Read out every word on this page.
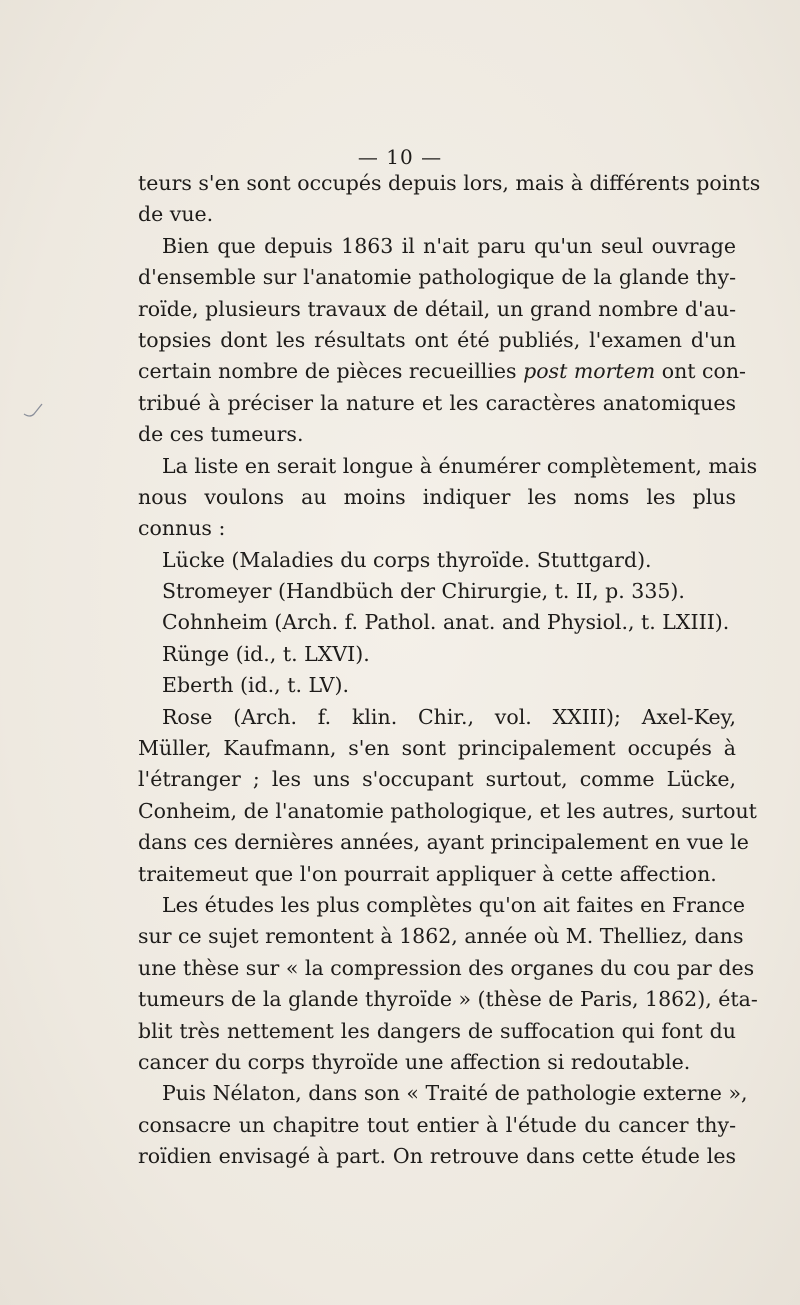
— 10 —
teurs s'en sont occupés depuis lors, mais à différents points
de vue.
Bien que depuis 1863 il n'ait paru qu'un seul ouvrage
d'ensemble sur l'anatomie pathologique de la glande thy-
roïde, plusieurs travaux de détail, un grand nombre d'au-
topsies dont les résultats ont été publiés, l'examen d'un
certain nombre de pièces recueillies post mortem ont con-
tribué à préciser la nature et les caractères anatomiques
de ces tumeurs.
La liste en serait longue à énumérer complètement, mais
nous voulons au moins indiquer les noms les plus
connus :
Lücke (Maladies du corps thyroïde. Stuttgard).
Stromeyer (Handbüch der Chirurgie, t. II, p. 335).
Cohnheim (Arch. f. Pathol. anat. and Physiol., t. LXIII).
Rünge (id., t. LXVI).
Eberth (id., t. LV).
Rose (Arch. f. klin. Chir., vol. XXIII); Axel-Key,
Müller, Kaufmann, s'en sont principalement occupés à
l'étranger ; les uns s'occupant surtout, comme Lücke,
Conheim, de l'anatomie pathologique, et les autres, surtout
dans ces dernières années, ayant principalement en vue le
traitemeut que l'on pourrait appliquer à cette affection.
Les études les plus complètes qu'on ait faites en France
sur ce sujet remontent à 1862, année où M. Thelliez, dans
une thèse sur « la compression des organes du cou par des
tumeurs de la glande thyroïde » (thèse de Paris, 1862), éta-
blit très nettement les dangers de suffocation qui font du
cancer du corps thyroïde une affection si redoutable.
Puis Nélaton, dans son « Traité de pathologie externe »,
consacre un chapitre tout entier à l'étude du cancer thy-
roïdien envisagé à part. On retrouve dans cette étude les
